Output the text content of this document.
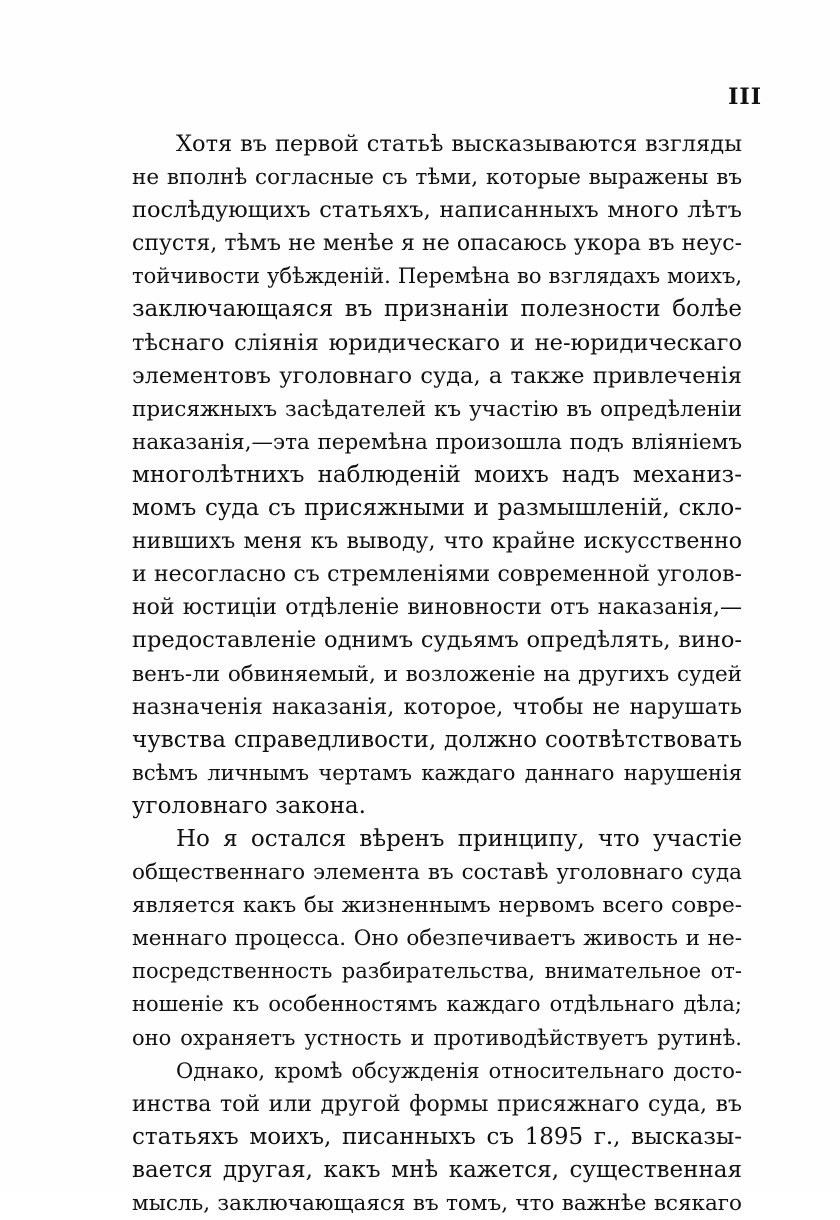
III
Хотя въ первой статьѣ высказываются взгляды
не вполнѣ согласные съ тѣми, которые выражены въ
послѣдующихъ статьяхъ, написанныхъ много лѣтъ
спустя, тѣмъ не менѣе я не опасаюсь укора въ неус-
тойчивости убѣжденій. Перемѣна во взглядахъ моихъ,
заключающаяся въ признаніи полезности болѣе
тѣснаго слiянія юридическаго и не-юридическаго
элементовъ уголовнаго суда, а также привлеченія
присяжныхъ засѣдателей къ участiю въ опредѣленіи
наказанія,—эта перемѣна произошла подъ вліяніемъ
многолѣтнихъ наблюденій моихъ надъ механиз-
момъ суда съ присяжными и размышленій, скло-
нившихъ меня къ выводу, что крайне искусственно
и несогласно съ стремленіями современной уголов-
ной юстиціи отдѣленіе виновности отъ наказанія,—
предоставленіе однимъ судьямъ опредѣлять, вино-
венъ-ли обвиняемый, и возложеніе на другихъ судей
назначенія наказанія, которое, чтобы не нарушать
чувства справедливости, должно соотвѣтствовать
всѣмъ личнымъ чертамъ каждаго даннаго нарушенія
уголовнаго закона.
Но я остался вѣренъ принципу, что участiе
общественнаго элемента въ составѣ уголовнаго суда
является какъ бы жизненнымъ нервомъ всего совре-
меннаго процесса. Оно обезпечиваетъ живость и не-
посредственность разбирательства, внимательное от-
ношеніе къ особенностямъ каждаго отдѣльнаго дѣла;
оно охраняетъ устность и противодѣйствуетъ рутинѣ.
Однако, кромѣ обсужденія относительнаго досто-
инства той или другой формы присяжнаго суда, въ
статьяхъ моихъ, писанныхъ съ 1895 г., высказы-
вается другая, какъ мнѣ кажется, существенная
мысль, заключающаяся въ томъ, что важнѣе всякаго
